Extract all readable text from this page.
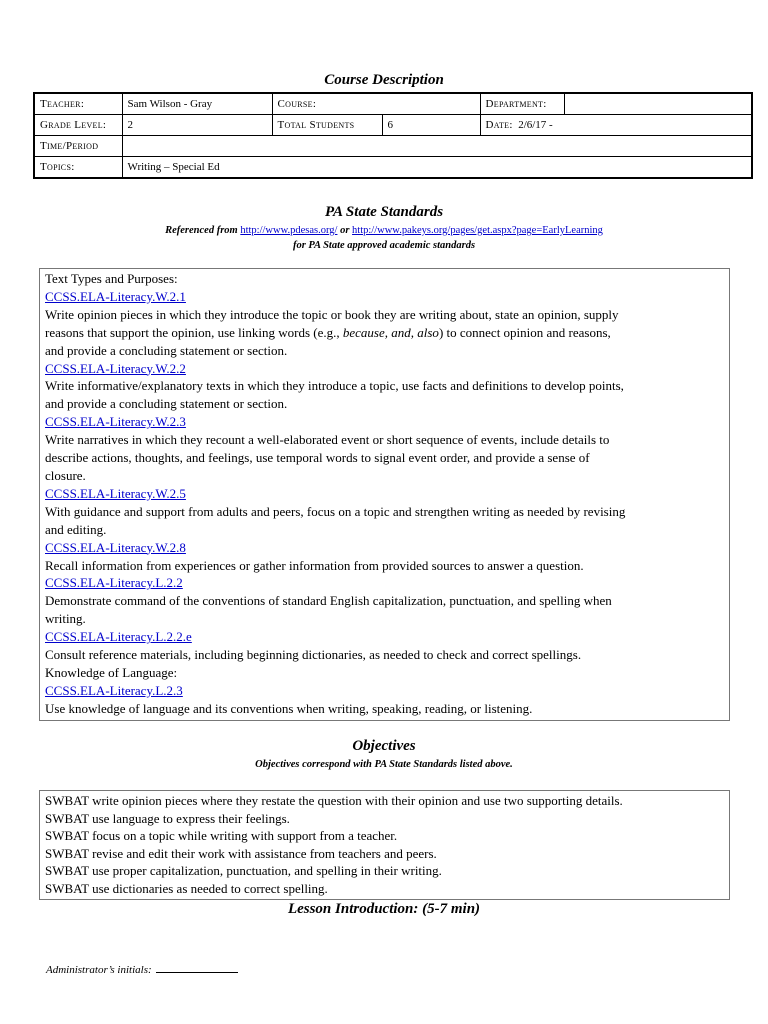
Course Description
Teacher:	Sam Wilson - Gray	Course:		Department:	
Grade Level:	2	Total Students	6	Date: 2/6/17 -	
Time/Period					
Topics:	Writing – Special Ed				
PA State Standards
Referenced from http://www.pdesas.org/ or http://www.pakeys.org/pages/get.aspx?page=EarlyLearning
for PA State approved academic standards

Text Types and Purposes:

CCSS.ELA-Literacy.W.2.1

Write opinion pieces in which they introduce the topic or book they are writing about, state an opinion, supply

reasons that support the opinion, use linking words (e.g., because, and, also) to connect opinion and reasons,

and provide a concluding statement or section.

CCSS.ELA-Literacy.W.2.2

Write informative/explanatory texts in which they introduce a topic, use facts and definitions to develop points,

and provide a concluding statement or section.

CCSS.ELA-Literacy.W.2.3

Write narratives in which they recount a well-elaborated event or short sequence of events, include details to

describe actions, thoughts, and feelings, use temporal words to signal event order, and provide a sense of

closure.

CCSS.ELA-Literacy.W.2.5

With guidance and support from adults and peers, focus on a topic and strengthen writing as needed by revising

and editing.

CCSS.ELA-Literacy.W.2.8

Recall information from experiences or gather information from provided sources to answer a question.

CCSS.ELA-Literacy.L.2.2

Demonstrate command of the conventions of standard English capitalization, punctuation, and spelling when

writing.

CCSS.ELA-Literacy.L.2.2.e

Consult reference materials, including beginning dictionaries, as needed to check and correct spellings.

Knowledge of Language:

CCSS.ELA-Literacy.L.2.3

Use knowledge of language and its conventions when writing, speaking, reading, or listening.

Objectives
Objectives correspond with PA State Standards listed above.

SWBAT write opinion pieces where they restate the question with their opinion and use two supporting details.

SWBAT use language to express their feelings.

SWBAT focus on a topic while writing with support from a teacher.

SWBAT revise and edit their work with assistance from teachers and peers.

SWBAT use proper capitalization, punctuation, and spelling in their writing.

SWBAT use dictionaries as needed to correct spelling.

Lesson Introduction: (5-7 min)
Administrator’s initials:
